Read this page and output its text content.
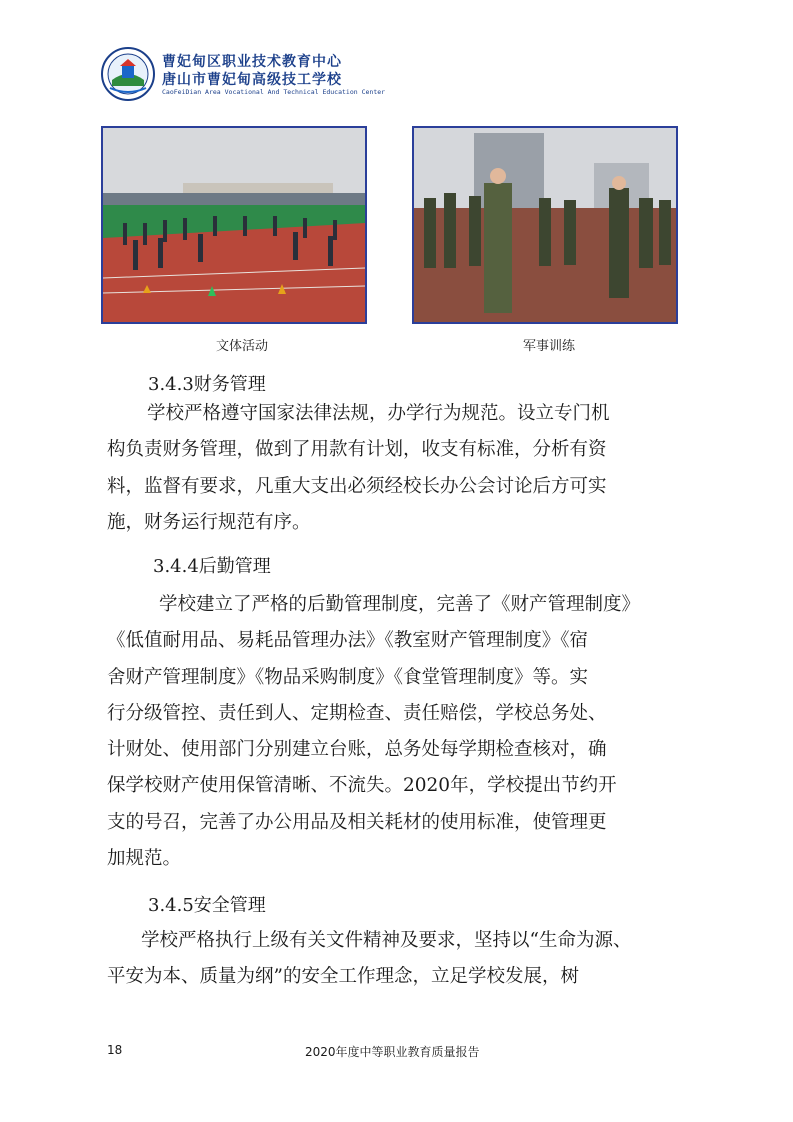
曹妃甸区职业技术教育中心
唐山市曹妃甸高级技工学校
CaoFeiDian Area Vocational And Technical Education Center
文体活动	军事训练
3.4.3财务管理
学校严格遵守国家法律法规，办学行为规范。设立专门机
构负责财务管理，做到了用款有计划，收支有标准，分析有资
料，监督有要求，凡重大支出必须经校长办公会讨论后方可实
施，财务运行规范有序。
3.4.4后勤管理
学校建立了严格的后勤管理制度，完善了《财产管理制度》
《低值耐用品、易耗品管理办法》《教室财产管理制度》《宿
舍财产管理制度》《物品采购制度》《食堂管理制度》等。实
行分级管控、责任到人、定期检查、责任赔偿，学校总务处、
计财处、使用部门分别建立台账，总务处每学期检查核对，确
保学校财产使用保管清晰、不流失。2020年，学校提出节约开
支的号召，完善了办公用品及相关耗材的使用标准，使管理更
加规范。
3.4.5安全管理
学校严格执行上级有关文件精神及要求，坚持以“生命为源、
平安为本、质量为纲”的安全工作理念，立足学校发展，树
18	2020年度中等职业教育质量报告
